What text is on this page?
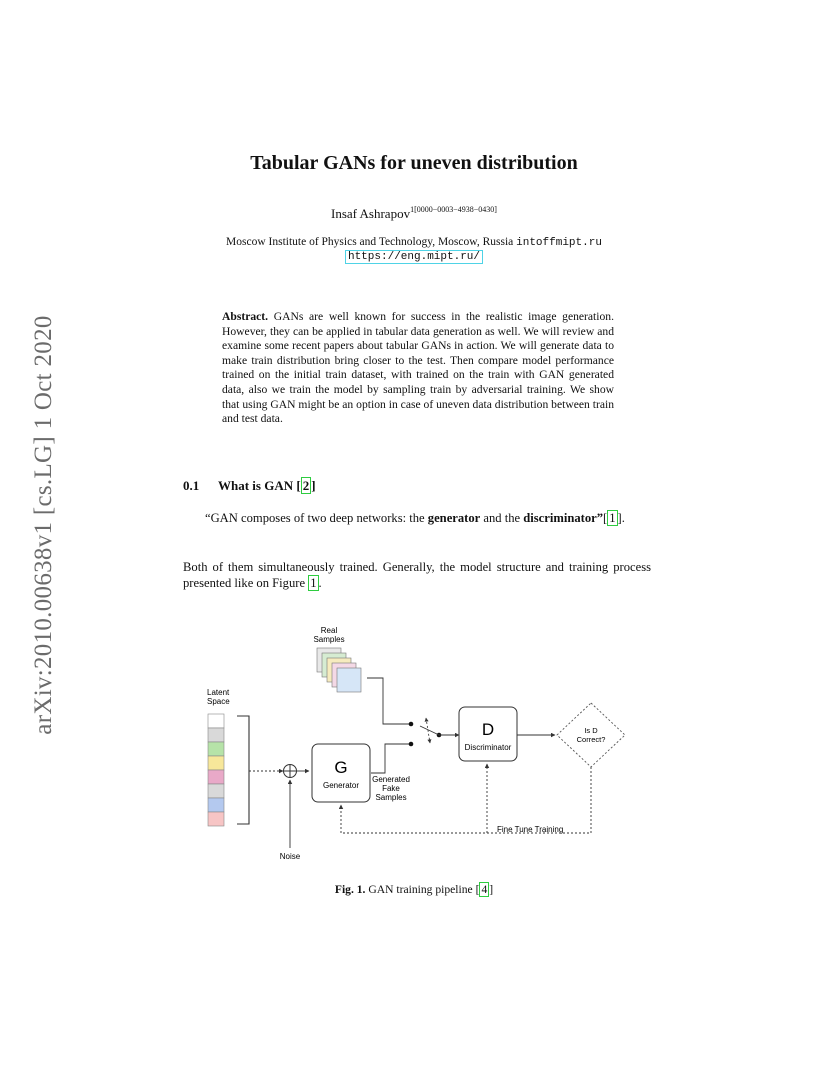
arXiv:2010.00638v1 [cs.LG] 1 Oct 2020
Tabular GANs for uneven distribution
Insaf Ashrapov$^{1[0000-0003-4938-0430]}$
Moscow Institute of Physics and Technology, Moscow, Russia intoffmipt.ru
https://eng.mipt.ru/
Abstract. GANs are well known for success in the realistic image generation. However, they can be applied in tabular data generation as well. We will review and examine some recent papers about tabular GANs in action. We will generate data to make train distribution bring closer to the test. Then compare model performance trained on the initial train dataset, with trained on the train with GAN generated data, also we train the model by sampling train by adversarial training. We show that using GAN might be an option in case of uneven data distribution between train and test data.
0.1 What is GAN [ 2 ]
“GAN composes of two deep networks: the generator and the discriminator”[ 1 ].
Both of them simultaneously trained. Generally, the model structure and training process presented like on Figure 1 .
Real
Samples
Latent
Space
Noise
G
Generator
Generated
Fake
Samples
D
Discriminator
Is D
Correct?
Fine Tune Training
Fig. 1. GAN training pipeline [ 4 ]
